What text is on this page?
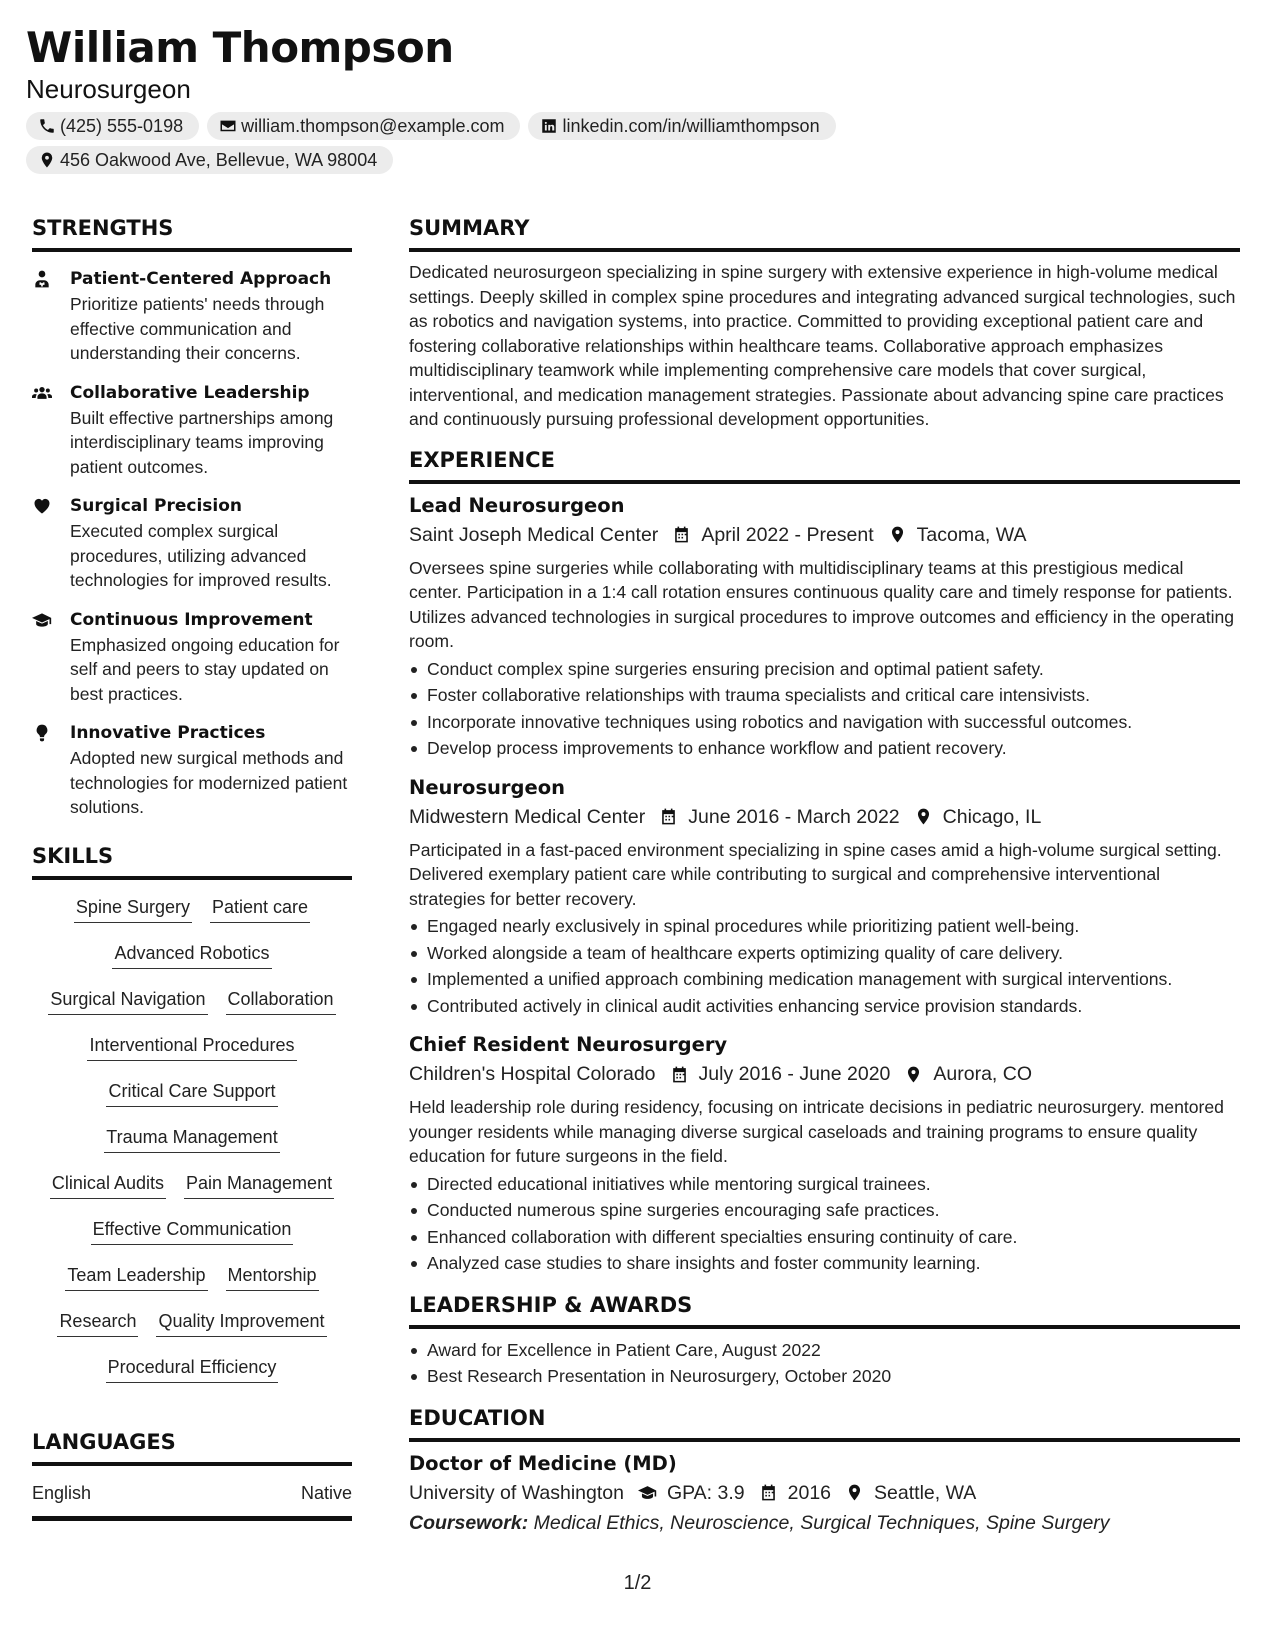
William Thompson
Neurosurgeon
(425) 555-0198	william.thompson@example.com	linkedin.com/in/williamthompson
456 Oakwood Ave, Bellevue, WA 98004
STRENGTHS
Patient-Centered Approach
Prioritize patients' needs through effective communication and understanding their concerns.
Collaborative Leadership
Built effective partnerships among interdisciplinary teams improving patient outcomes.
Surgical Precision
Executed complex surgical procedures, utilizing advanced technologies for improved results.
Continuous Improvement
Emphasized ongoing education for self and peers to stay updated on best practices.
Innovative Practices
Adopted new surgical methods and technologies for modernized patient solutions.
SKILLS
Spine Surgery Patient care
Advanced Robotics
Surgical Navigation Collaboration
Interventional Procedures
Critical Care Support
Trauma Management
Clinical Audits Pain Management
Effective Communication
Team Leadership Mentorship
Research Quality Improvement
Procedural Efficiency
LANGUAGES
English	Native
SUMMARY
Dedicated neurosurgeon specializing in spine surgery with extensive experience in high-volume medical settings. Deeply skilled in complex spine procedures and integrating advanced surgical technologies, such as robotics and navigation systems, into practice. Committed to providing exceptional patient care and fostering collaborative relationships within healthcare teams. Collaborative approach emphasizes multidisciplinary teamwork while implementing comprehensive care models that cover surgical, interventional, and medication management strategies. Passionate about advancing spine care practices and continuously pursuing professional development opportunities.
EXPERIENCE
Lead Neurosurgeon
Saint Joseph Medical Center April 2022 - Present Tacoma, WA
Oversees spine surgeries while collaborating with multidisciplinary teams at this prestigious medical center. Participation in a 1:4 call rotation ensures continuous quality care and timely response for patients. Utilizes advanced technologies in surgical procedures to improve outcomes and efficiency in the operating room.
Conduct complex spine surgeries ensuring precision and optimal patient safety.
Foster collaborative relationships with trauma specialists and critical care intensivists.
Incorporate innovative techniques using robotics and navigation with successful outcomes.
Develop process improvements to enhance workflow and patient recovery.
Neurosurgeon
Midwestern Medical Center June 2016 - March 2022 Chicago, IL
Participated in a fast-paced environment specializing in spine cases amid a high-volume surgical setting. Delivered exemplary patient care while contributing to surgical and comprehensive interventional strategies for better recovery.
Engaged nearly exclusively in spinal procedures while prioritizing patient well-being.
Worked alongside a team of healthcare experts optimizing quality of care delivery.
Implemented a unified approach combining medication management with surgical interventions.
Contributed actively in clinical audit activities enhancing service provision standards.
Chief Resident Neurosurgery
Children's Hospital Colorado July 2016 - June 2020 Aurora, CO
Held leadership role during residency, focusing on intricate decisions in pediatric neurosurgery. mentored younger residents while managing diverse surgical caseloads and training programs to ensure quality education for future surgeons in the field.
Directed educational initiatives while mentoring surgical trainees.
Conducted numerous spine surgeries encouraging safe practices.
Enhanced collaboration with different specialties ensuring continuity of care.
Analyzed case studies to share insights and foster community learning.
LEADERSHIP & AWARDS
Award for Excellence in Patient Care, August 2022
Best Research Presentation in Neurosurgery, October 2020
EDUCATION
Doctor of Medicine (MD)
University of Washington GPA: 3.9 2016 Seattle, WA
Coursework: Medical Ethics, Neuroscience, Surgical Techniques, Spine Surgery
1/2
